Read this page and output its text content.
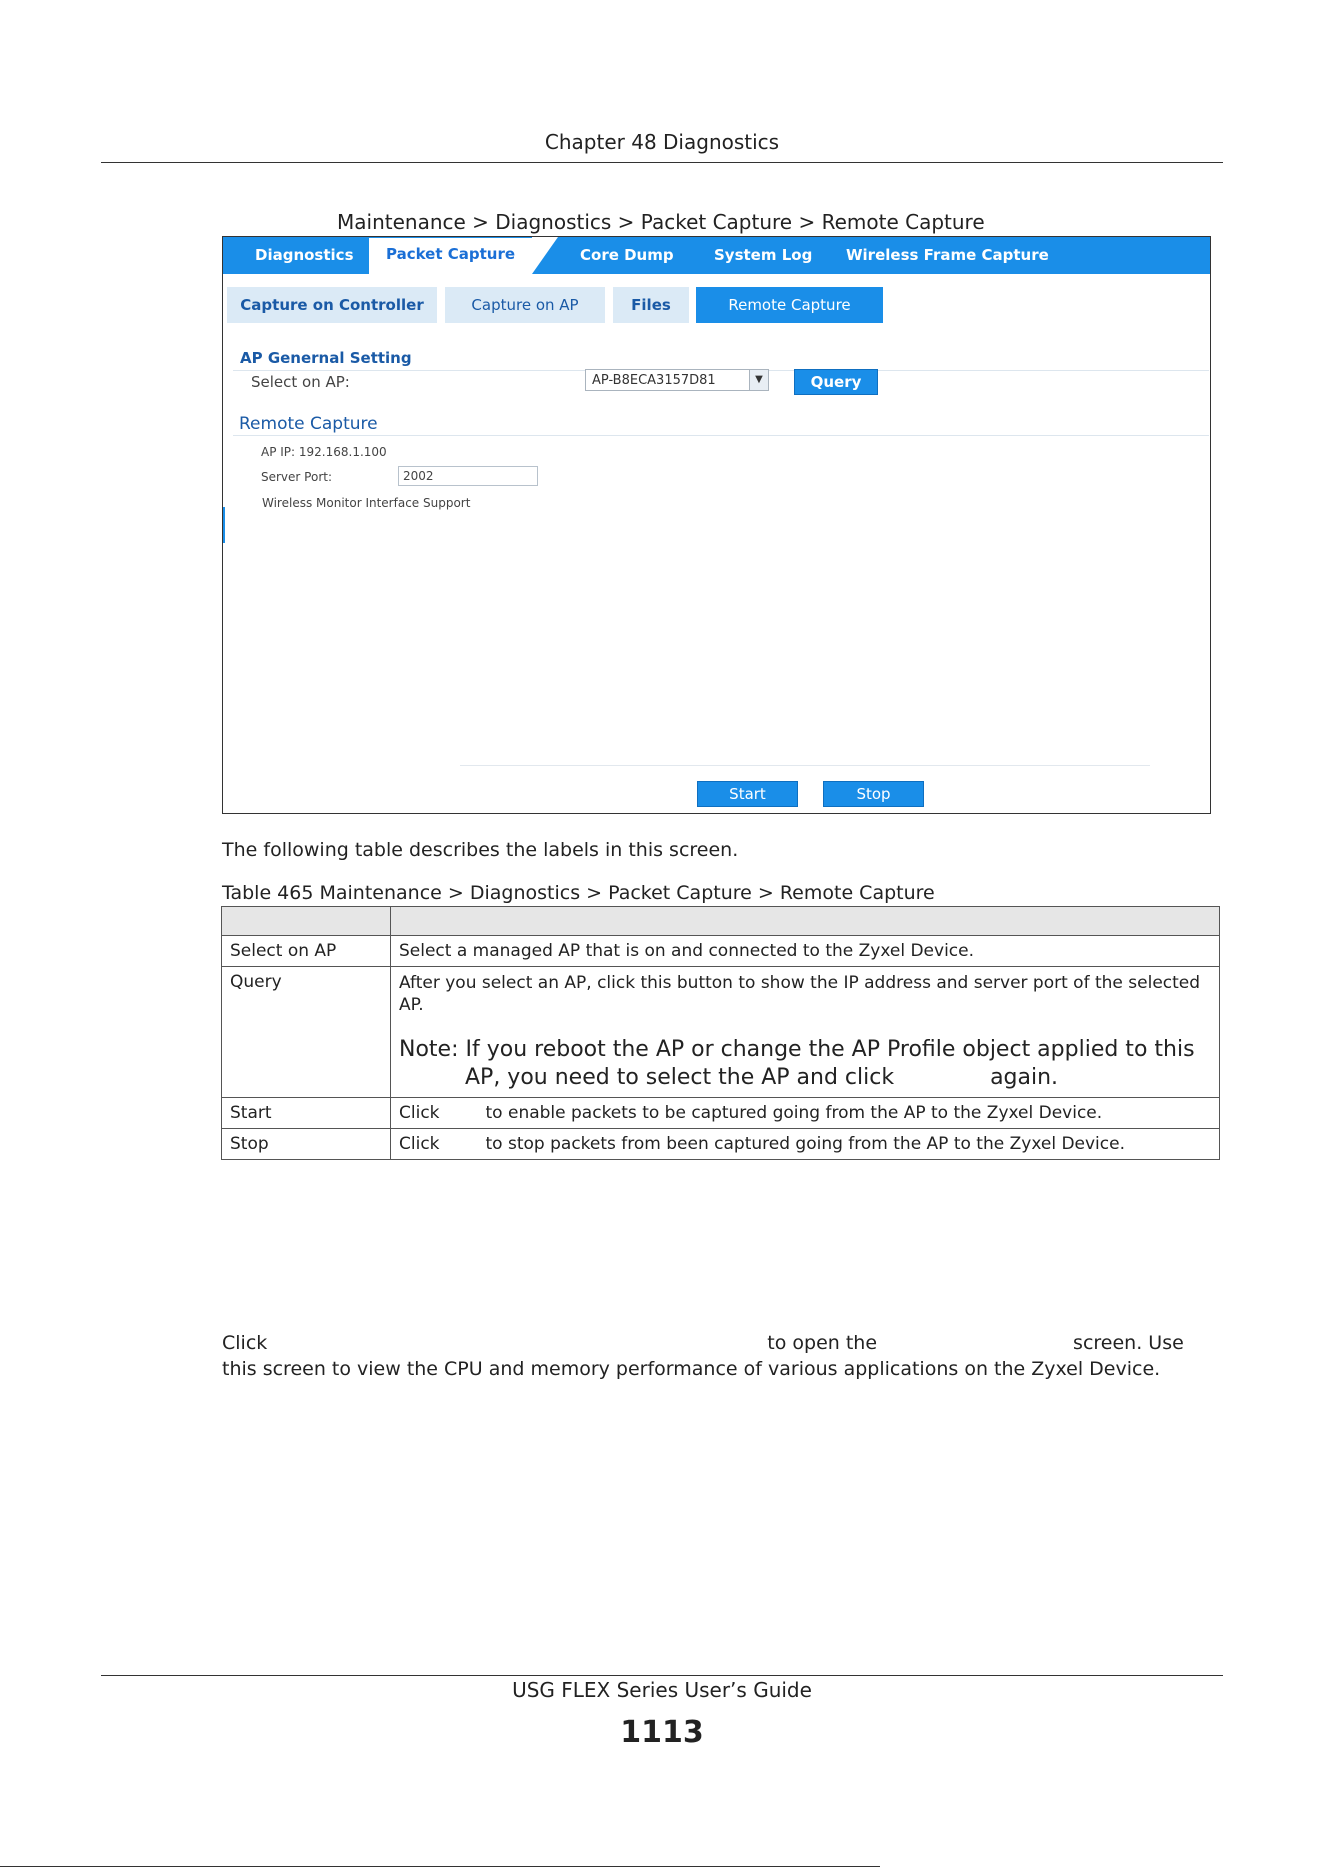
Chapter 48 Diagnostics
Maintenance > Diagnostics > Packet Capture > Remote Capture
Diagnostics	Packet Capture	Core Dump	System Log Wireless Frame Capture
Capture on Controller	Capture on AP	Files	Remote Capture
AP Genernal Setting
Select on AP:	AP-B8ECA3157D81	▼	Query
Remote Capture
AP IP: 192.168.1.100
Server Port:	2002
Wireless Monitor Interface Support
Start	Stop
The following table describes the labels in this screen.
Table 465 Maintenance > Diagnostics > Packet Capture > Remote Capture

Select on AP	Select a managed AP that is on and connected to the Zyxel Device.
Query	After you select an AP, click this button to show the IP address and server port of the selected AP.
Note: If you reboot the AP or change the AP Profile object applied to this AP, you need to select the AP and click again.

Start	Click to enable packets to be captured going from the AP to the Zyxel Device.
Stop	Click to stop packets from been captured going from the AP to the Zyxel Device.
Click	to open the	screen. Use
this screen to view the CPU and memory performance of various applications on the Zyxel Device.
USG FLEX Series User’s Guide
1113
